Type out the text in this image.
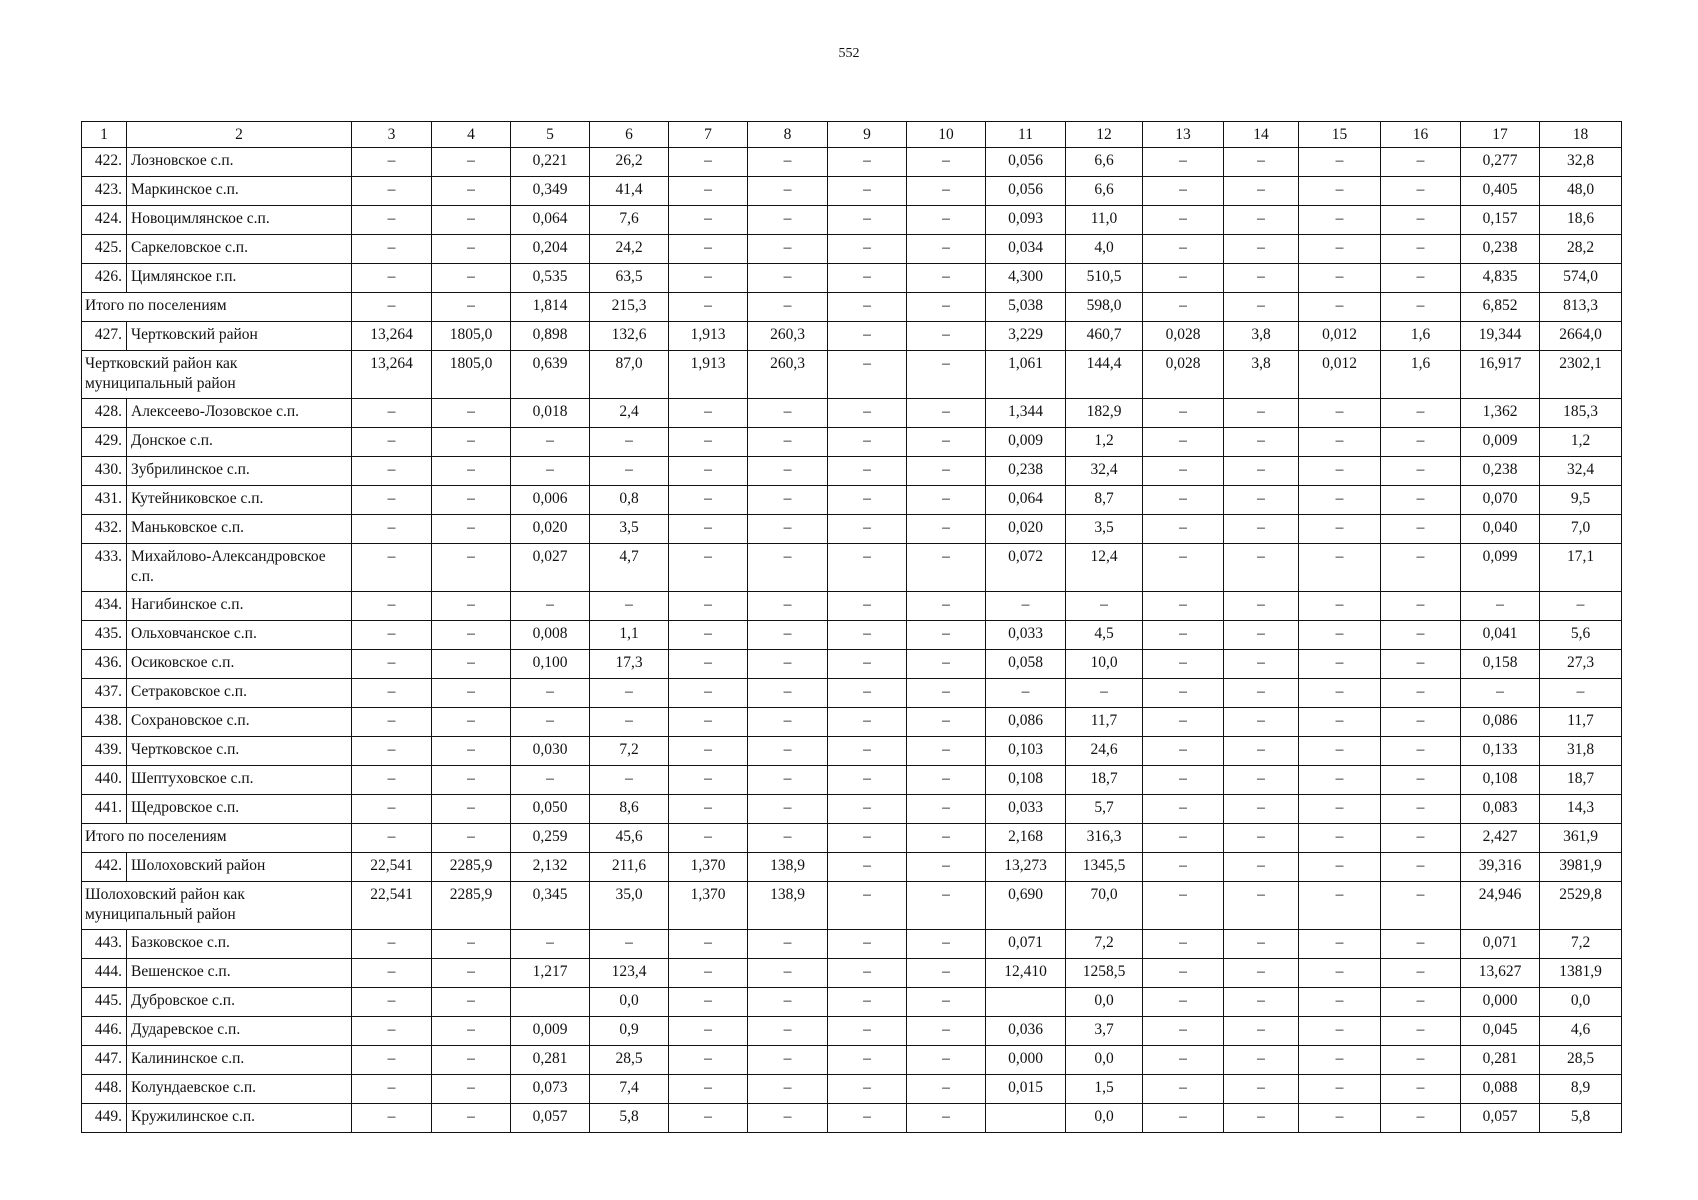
552
1	2	3	4	5	6	7	8	9	10	11	12	13	14	15	16	17	18
422.	Лозновское с.п.	–	–	0,221	26,2	–	–	–	–	0,056	6,6	–	–	–	–	0,277	32,8
423.	Маркинское с.п.	–	–	0,349	41,4	–	–	–	–	0,056	6,6	–	–	–	–	0,405	48,0
424.	Новоцимлянское с.п.	–	–	0,064	7,6	–	–	–	–	0,093	11,0	–	–	–	–	0,157	18,6
425.	Саркеловское с.п.	–	–	0,204	24,2	–	–	–	–	0,034	4,0	–	–	–	–	0,238	28,2
426.	Цимлянское г.п.	–	–	0,535	63,5	–	–	–	–	4,300	510,5	–	–	–	–	4,835	574,0
Итого по поселениям		–	–	1,814	215,3	–	–	–	–	5,038	598,0	–	–	–	–	6,852	813,3
427.	Чертковский район	13,264	1805,0	0,898	132,6	1,913	260,3	–	–	3,229	460,7	0,028	3,8	0,012	1,6	19,344	2664,0
Чертковский район как муниципальный район		13,264	1805,0	0,639	87,0	1,913	260,3	–	–	1,061	144,4	0,028	3,8	0,012	1,6	16,917	2302,1
428.	Алексеево-Лозовское с.п.	–	–	0,018	2,4	–	–	–	–	1,344	182,9	–	–	–	–	1,362	185,3
429.	Донское с.п.	–	–	–	–	–	–	–	–	0,009	1,2	–	–	–	–	0,009	1,2
430.	Зубрилинское с.п.	–	–	–	–	–	–	–	–	0,238	32,4	–	–	–	–	0,238	32,4
431.	Кутейниковское с.п.	–	–	0,006	0,8	–	–	–	–	0,064	8,7	–	–	–	–	0,070	9,5
432.	Маньковское с.п.	–	–	0,020	3,5	–	–	–	–	0,020	3,5	–	–	–	–	0,040	7,0
433.	Михайлово-Александровское с.п.	–	–	0,027	4,7	–	–	–	–	0,072	12,4	–	–	–	–	0,099	17,1
434.	Нагибинское с.п.	–	–	–	–	–	–	–	–	–	–	–	–	–	–	–	–
435.	Ольховчанское с.п.	–	–	0,008	1,1	–	–	–	–	0,033	4,5	–	–	–	–	0,041	5,6
436.	Осиковское с.п.	–	–	0,100	17,3	–	–	–	–	0,058	10,0	–	–	–	–	0,158	27,3
437.	Сетраковское с.п.	–	–	–	–	–	–	–	–	–	–	–	–	–	–	–	–
438.	Сохрановское с.п.	–	–	–	–	–	–	–	–	0,086	11,7	–	–	–	–	0,086	11,7
439.	Чертковское с.п.	–	–	0,030	7,2	–	–	–	–	0,103	24,6	–	–	–	–	0,133	31,8
440.	Шептуховское с.п.	–	–	–	–	–	–	–	–	0,108	18,7	–	–	–	–	0,108	18,7
441.	Щедровское с.п.	–	–	0,050	8,6	–	–	–	–	0,033	5,7	–	–	–	–	0,083	14,3
Итого по поселениям		–	–	0,259	45,6	–	–	–	–	2,168	316,3	–	–	–	–	2,427	361,9
442.	Шолоховский район	22,541	2285,9	2,132	211,6	1,370	138,9	–	–	13,273	1345,5	–	–	–	–	39,316	3981,9
Шолоховский район как муниципальный район		22,541	2285,9	0,345	35,0	1,370	138,9	–	–	0,690	70,0	–	–	–	–	24,946	2529,8
443.	Базковское с.п.	–	–	–	–	–	–	–	–	0,071	7,2	–	–	–	–	0,071	7,2
444.	Вешенское с.п.	–	–	1,217	123,4	–	–	–	–	12,410	1258,5	–	–	–	–	13,627	1381,9
445.	Дубровское с.п.	–	–		0,0	–	–	–	–		0,0	–	–	–	–	0,000	0,0
446.	Дударевское с.п.	–	–	0,009	0,9	–	–	–	–	0,036	3,7	–	–	–	–	0,045	4,6
447.	Калининское с.п.	–	–	0,281	28,5	–	–	–	–	0,000	0,0	–	–	–	–	0,281	28,5
448.	Колундаевское с.п.	–	–	0,073	7,4	–	–	–	–	0,015	1,5	–	–	–	–	0,088	8,9
449.	Кружилинское с.п.	–	–	0,057	5,8	–	–	–	–		0,0	–	–	–	–	0,057	5,8
